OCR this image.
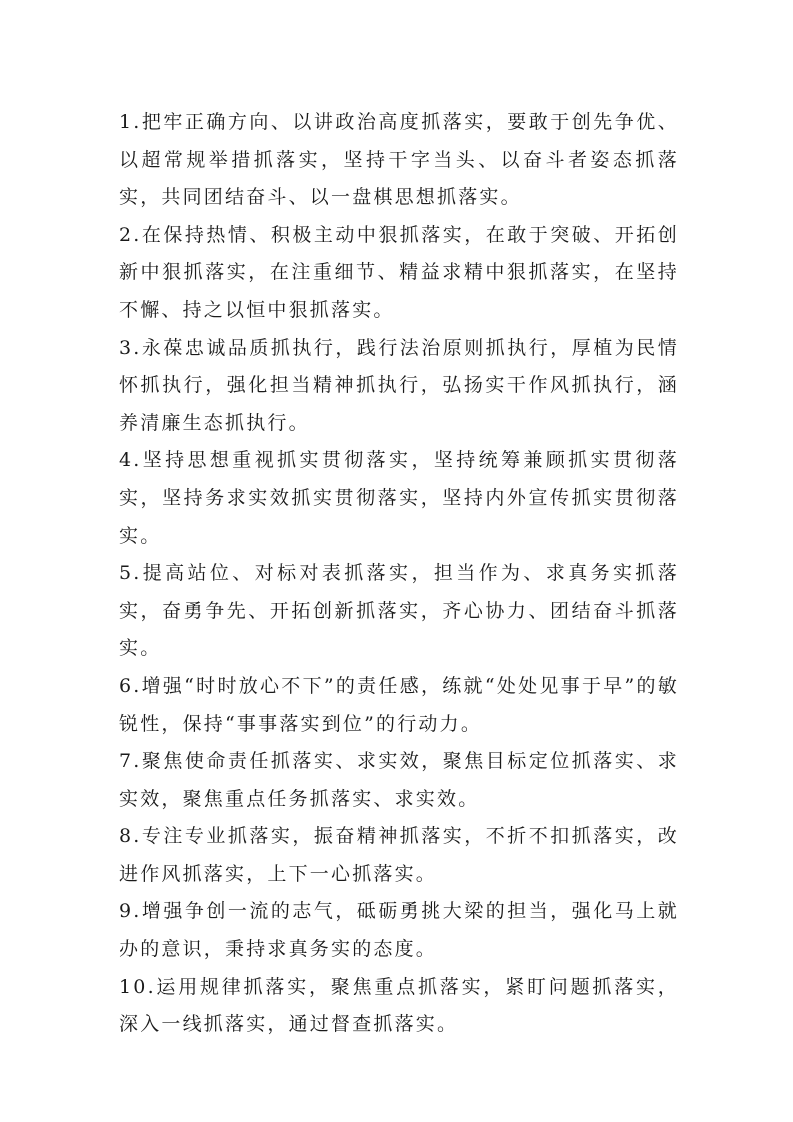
1.把牢正确方向、以讲政治高度抓落实，要敢于创先争优、以超常规举措抓落实，坚持干字当头、以奋斗者姿态抓落实，共同团结奋斗、以一盘棋思想抓落实。

2.在保持热情、积极主动中狠抓落实，在敢于突破、开拓创新中狠抓落实，在注重细节、精益求精中狠抓落实，在坚持不懈、持之以恒中狠抓落实。

3.永葆忠诚品质抓执行，践行法治原则抓执行，厚植为民情怀抓执行，强化担当精神抓执行，弘扬实干作风抓执行，涵养清廉生态抓执行。

4.坚持思想重视抓实贯彻落实，坚持统筹兼顾抓实贯彻落实，坚持务求实效抓实贯彻落实，坚持内外宣传抓实贯彻落实。

5.提高站位、对标对表抓落实，担当作为、求真务实抓落实，奋勇争先、开拓创新抓落实，齐心协力、团结奋斗抓落实。

6.增强“时时放心不下”的责任感，练就“处处见事于早”的敏锐性，保持“事事落实到位”的行动力。

7.聚焦使命责任抓落实、求实效，聚焦目标定位抓落实、求实效，聚焦重点任务抓落实、求实效。

8.专注专业抓落实，振奋精神抓落实，不折不扣抓落实，改进作风抓落实，上下一心抓落实。

9.增强争创一流的志气，砥砺勇挑大梁的担当，强化马上就办的意识，秉持求真务实的态度。

10.运用规律抓落实，聚焦重点抓落实，紧盯问题抓落实，深入一线抓落实，通过督查抓落实。
